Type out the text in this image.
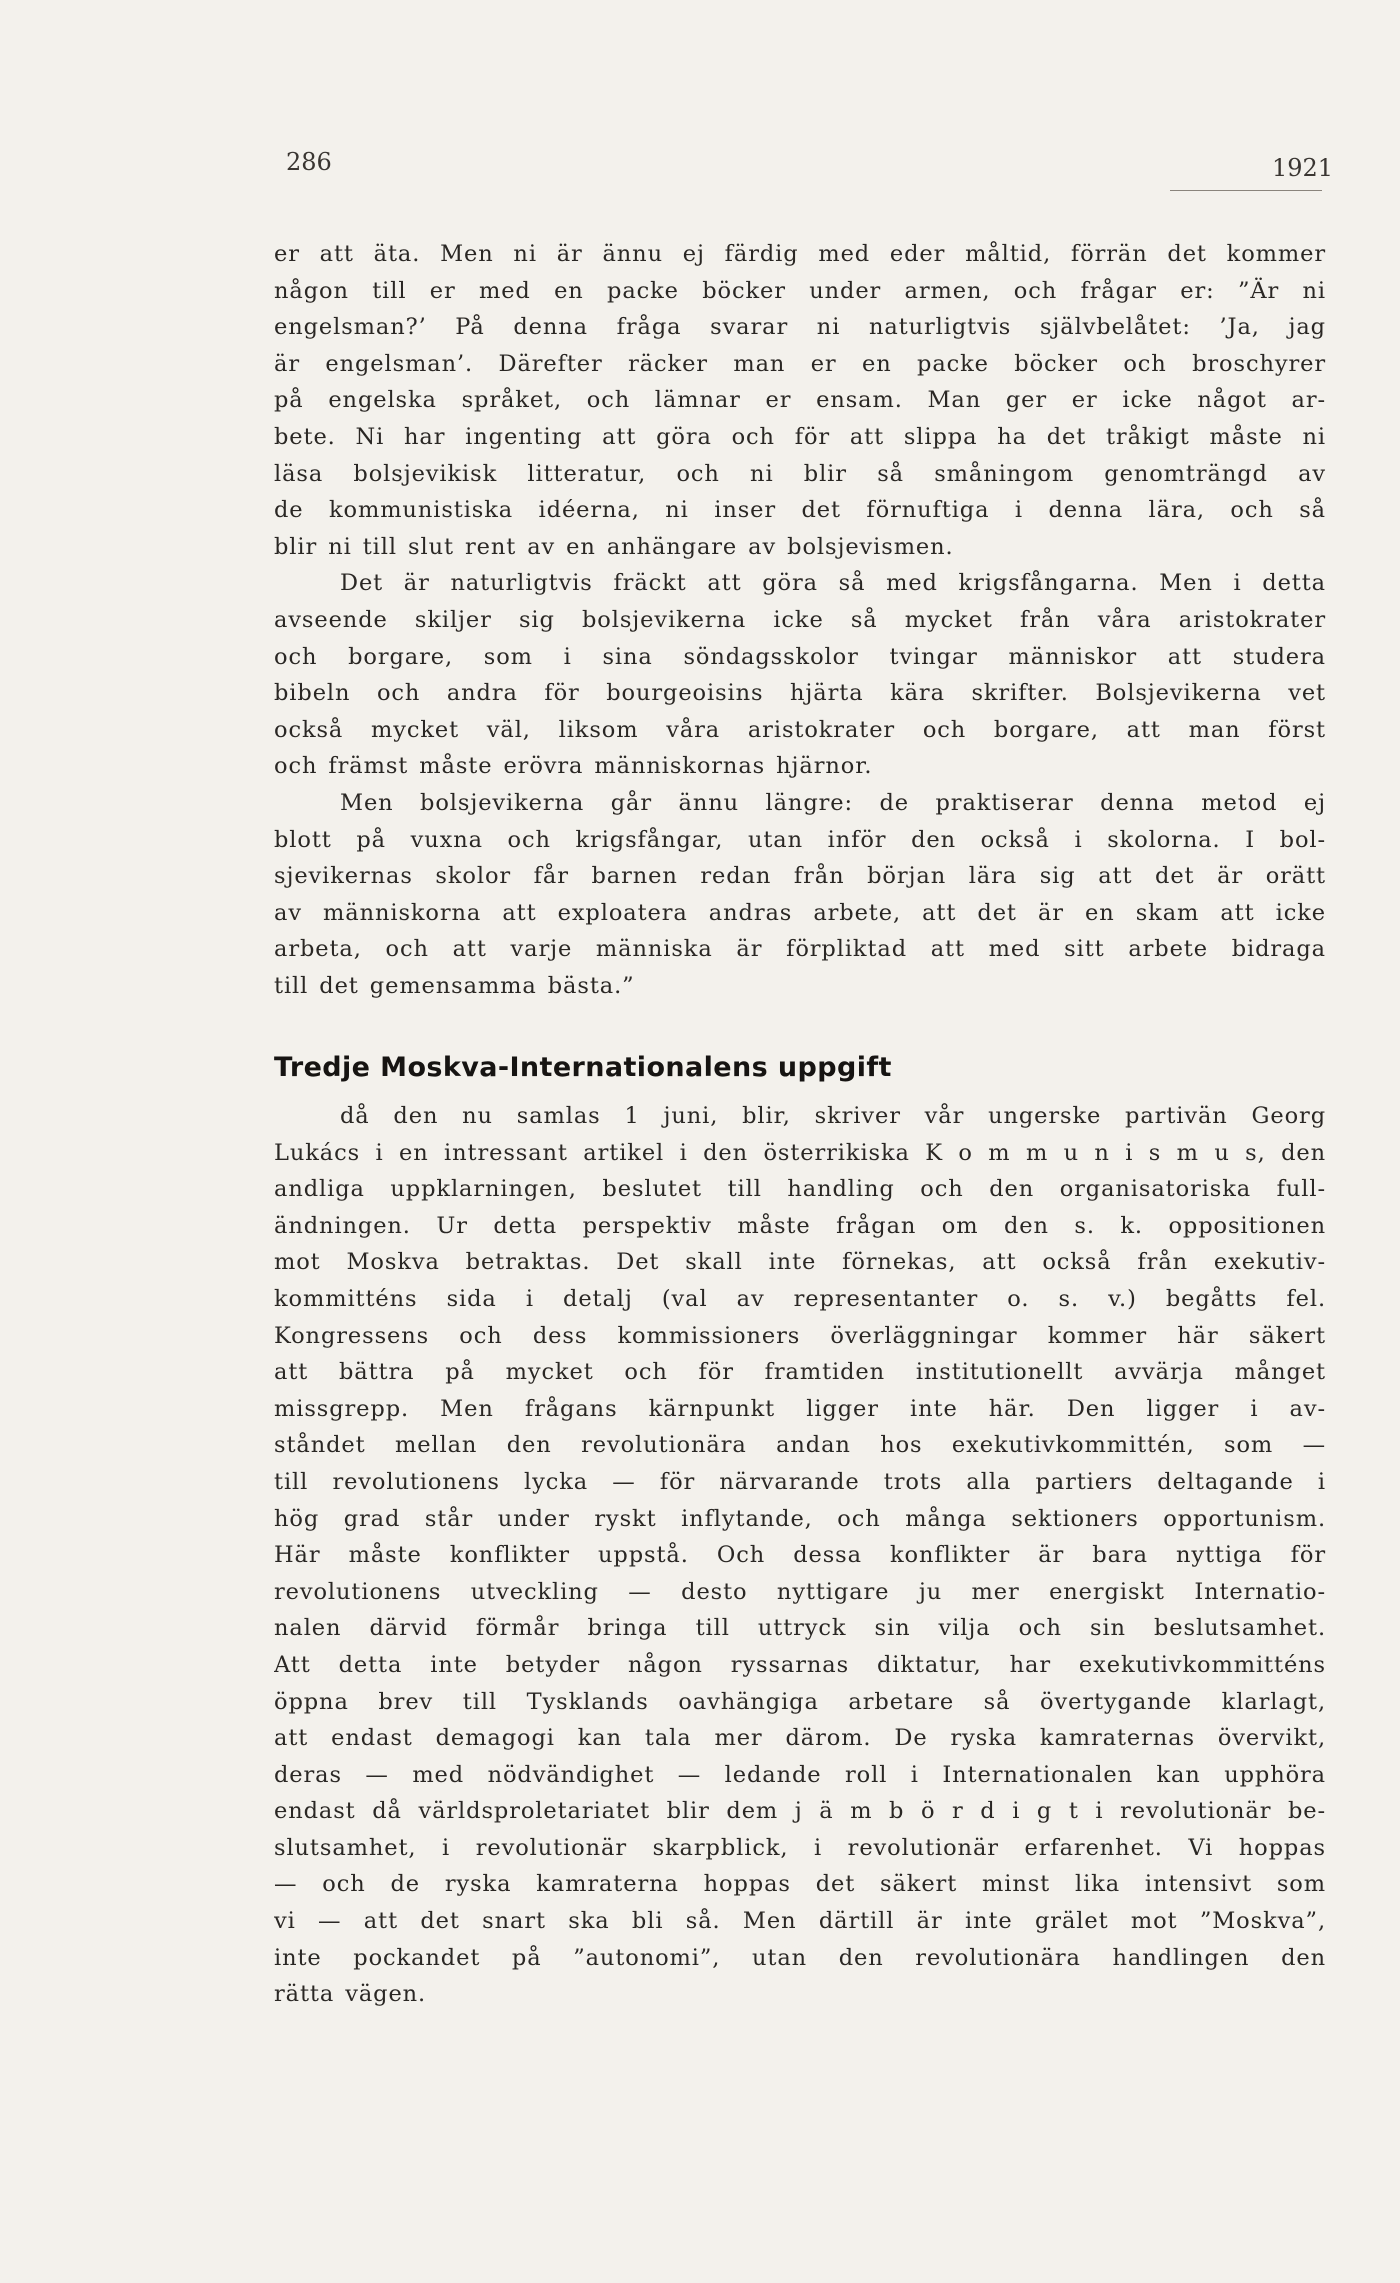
286	1921
er att äta. Men ni är ännu ej färdig med eder måltid, förrän det kommer
någon till er med en packe böcker under armen, och frågar er: ”Är ni
engelsman?’ På denna fråga svarar ni naturligtvis självbelåtet: ’Ja, jag
är engelsman’. Därefter räcker man er en packe böcker och broschyrer
på engelska språket, och lämnar er ensam. Man ger er icke något ar-
bete. Ni har ingenting att göra och för att slippa ha det tråkigt måste ni
läsa bolsjevikisk litteratur, och ni blir så småningom genomträngd av
de kommunistiska idéerna, ni inser det förnuftiga i denna lära, och så
blir ni till slut rent av en anhängare av bolsjevismen.
Det är naturligtvis fräckt att göra så med krigsfångarna. Men i detta
avseende skiljer sig bolsjevikerna icke så mycket från våra aristokrater
och borgare, som i sina söndagsskolor tvingar människor att studera
bibeln och andra för bourgeoisins hjärta kära skrifter. Bolsjevikerna vet
också mycket väl, liksom våra aristokrater och borgare, att man först
och främst måste erövra människornas hjärnor.
Men bolsjevikerna går ännu längre: de praktiserar denna metod ej
blott på vuxna och krigsfångar, utan inför den också i skolorna. I bol-
sjevikernas skolor får barnen redan från början lära sig att det är orätt
av människorna att exploatera andras arbete, att det är en skam att icke
arbeta, och att varje människa är förpliktad att med sitt arbete bidraga
till det gemensamma bästa.”
Tredje Moskva-Internationalens uppgift
då den nu samlas 1 juni, blir, skriver vår ungerske partivän Georg
Lukács i en intressant artikel i den österrikiska K o m m u n i s m u s, den
andliga uppklarningen, beslutet till handling och den organisatoriska full-
ändningen. Ur detta perspektiv måste frågan om den s. k. oppositionen
mot Moskva betraktas. Det skall inte förnekas, att också från exekutiv-
kommitténs sida i detalj (val av representanter o. s. v.) begåtts fel.
Kongressens och dess kommissioners överläggningar kommer här säkert
att bättra på mycket och för framtiden institutionellt avvärja månget
missgrepp. Men frågans kärnpunkt ligger inte här. Den ligger i av-
ståndet mellan den revolutionära andan hos exekutivkommittén, som —
till revolutionens lycka — för närvarande trots alla partiers deltagande i
hög grad står under ryskt inflytande, och många sektioners opportunism.
Här måste konflikter uppstå. Och dessa konflikter är bara nyttiga för
revolutionens utveckling — desto nyttigare ju mer energiskt Internatio-
nalen därvid förmår bringa till uttryck sin vilja och sin beslutsamhet.
Att detta inte betyder någon ryssarnas diktatur, har exekutivkommitténs
öppna brev till Tysklands oavhängiga arbetare så övertygande klarlagt,
att endast demagogi kan tala mer därom. De ryska kamraternas övervikt,
deras — med nödvändighet — ledande roll i Internationalen kan upphöra
endast då världsproletariatet blir dem j ä m b ö r d i g t i revolutionär be-
slutsamhet, i revolutionär skarpblick, i revolutionär erfarenhet. Vi hoppas
— och de ryska kamraterna hoppas det säkert minst lika intensivt som
vi — att det snart ska bli så. Men därtill är inte grälet mot ”Moskva”,
inte pockandet på ”autonomi”, utan den revolutionära handlingen den
rätta vägen.
